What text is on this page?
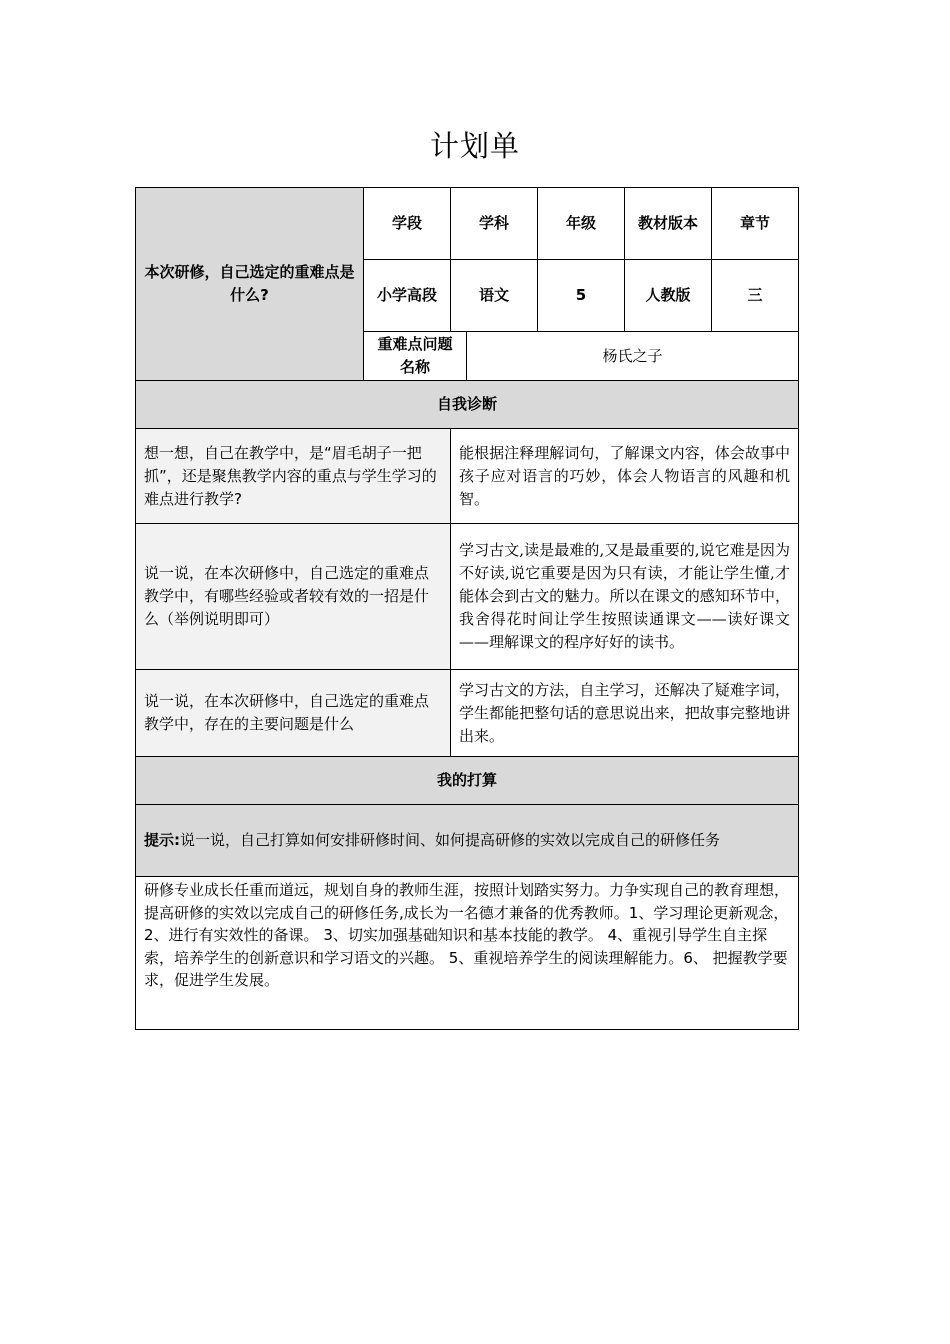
计划单
本次研修，自己选定的重难点是什么?	学段	学科		年级	教材版本	章节
	小学高段	语文		5	人教版	三
	重难点问题名称		杨氏之子			
自我诊断						
想一想，自己在教学中，是“眉毛胡子一把抓”，还是聚焦教学内容的重点与学生学习的难点进行教学?		能根据注释理解词句，了解课文内容，体会故事中孩子应对语言的巧妙，体会人物语言的风趣和机智。				
说一说，在本次研修中，自己选定的重难点教学中，有哪些经验或者较有效的一招是什么（举例说明即可）		学习古文,读是最难的,又是最重要的,说它难是因为不好读,说它重要是因为只有读，才能让学生懂,才能体会到古文的魅力。所以在课文的感知环节中，我舍得花时间让学生按照读通课文——读好课文——理解课文的程序好好的读书。				
说一说，在本次研修中，自己选定的重难点教学中，存在的主要问题是什么		学习古文的方法，自主学习，还解决了疑难字词，学生都能把整句话的意思说出来，把故事完整地讲出来。				
我的打算						
提示:说一说，自己打算如何安排研修时间、如何提高研修的实效以完成自己的研修任务						
研修专业成长任重而道远，规划自身的教师生涯，按照计划踏实努力。力争实现自己的教育理想，提高研修的实效以完成自己的研修任务,成长为一名德才兼备的优秀教师。1、学习理论更新观念， 2、进行有实效性的备课。 3、切实加强基础知识和基本技能的教学。 4、重视引导学生自主探索，培养学生的创新意识和学习语文的兴趣。 5、重视培养学生的阅读理解能力。6、 把握教学要求，促进学生发展。						
